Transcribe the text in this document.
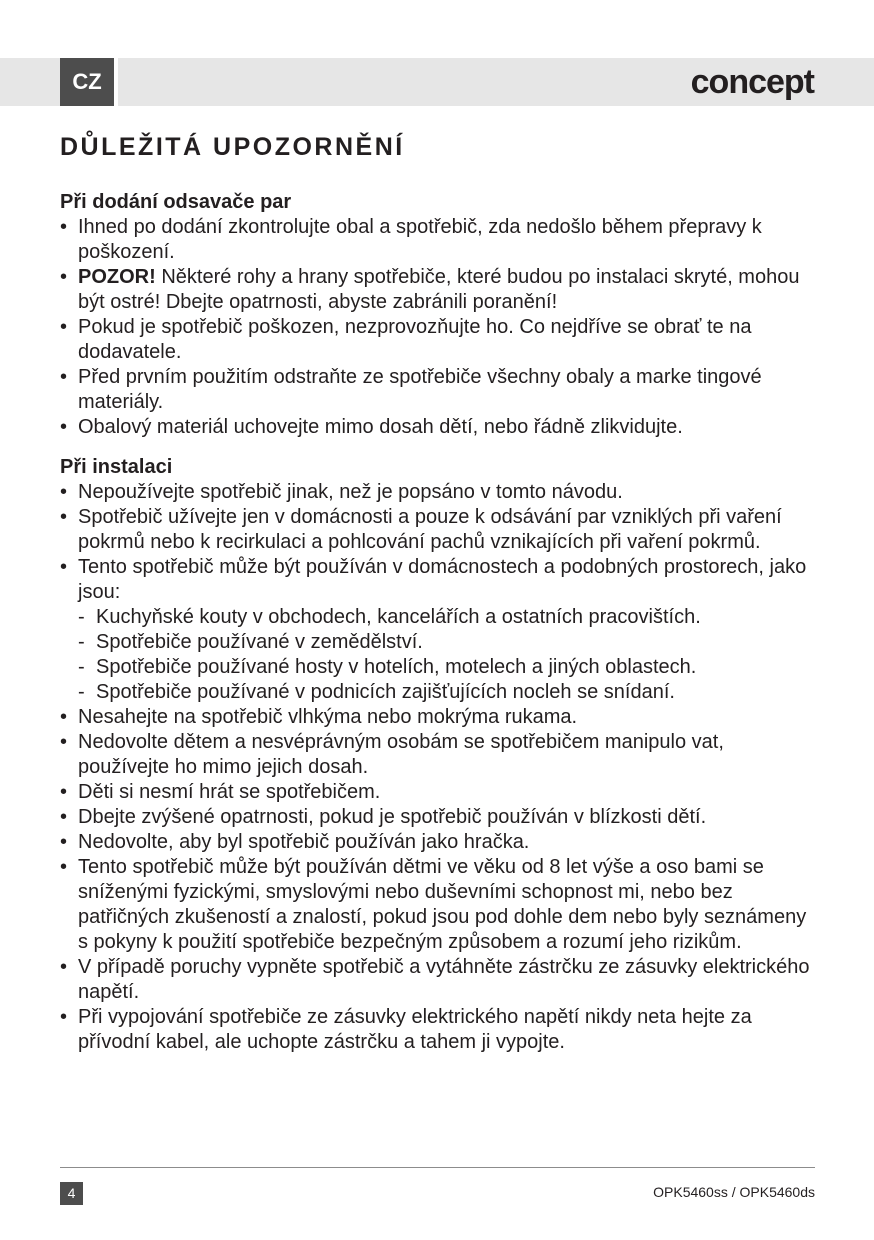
CZ	concept
DŮLEŽITÁ UPOZORNĚNÍ

Při dodání odsavače par

• Ihned po dodání zkontrolujte obal a spotřebič, zda nedošlo během přepravy k poškození.
• POZOR! Některé rohy a hrany spotřebiče, které budou po instalaci skryté, mohou být ostré! Dbejte opatrnosti, abyste zabránili poranění!
• Pokud je spotřebič poškozen, nezprovozňujte ho. Co nejdříve se obrať te na dodavatele.
• Před prvním použitím odstraňte ze spotřebiče všechny obaly a marke tingové materiály.
• Obalový materiál uchovejte mimo dosah dětí, nebo řádně zlikvidujte.

Při instalaci

• Nepoužívejte spotřebič jinak, než je popsáno v tomto návodu.
• Spotřebič užívejte jen v domácnosti a pouze k odsávání par vzniklých při vaření pokrmů nebo k recirkulaci a pohlcování pachů vznikajících při vaření pokrmů.
• Tento spotřebič může být používán v domácnostech a podobných prostorech, jako jsou:
- Kuchyňské kouty v obchodech, kancelářích a ostatních pracovištích.
- Spotřebiče používané v zemědělství.
- Spotřebiče používané hosty v hotelích, motelech a jiných oblastech.
- Spotřebiče používané v podnicích zajišťujících nocleh se snídaní.
• Nesahejte na spotřebič vlhkýma nebo mokrýma rukama.
• Nedovolte dětem a nesvéprávným osobám se spotřebičem manipulo vat, používejte ho mimo jejich dosah.
• Děti si nesmí hrát se spotřebičem.
• Dbejte zvýšené opatrnosti, pokud je spotřebič používán v blízkosti dětí.
• Nedovolte, aby byl spotřebič používán jako hračka.
• Tento spotřebič může být používán dětmi ve věku od 8 let výše a oso bami se sníženými fyzickými, smyslovými nebo duševními schopnost mi, nebo bez patřičných zkušeností a znalostí, pokud jsou pod dohle dem nebo byly seznámeny s pokyny k použití spotřebiče bezpečným způsobem a rozumí jeho rizikům.
• V případě poruchy vypněte spotřebič a vytáhněte zástrčku ze zásuvky elektrického napětí.
• Při vypojování spotřebiče ze zásuvky elektrického napětí nikdy neta hejte za přívodní kabel, ale uchopte zástrčku a tahem ji vypojte.
4	OPK5460ss / OPK5460ds
